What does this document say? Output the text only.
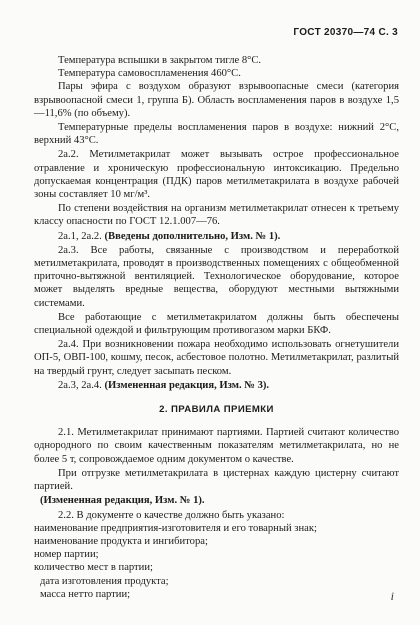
ГОСТ 20370—74 С. 3

Температура вспышки в закрытом тигле 8°С.

Температура самовоспламенения 460°С.

Пары эфира с воздухом образуют взрывоопасные смеси (категория взрывоопасной смеси 1, группа Б). Область воспламенения паров в воздухе 1,5—11,6% (по объему).

Температурные пределы воспламенения паров в воздухе: нижний 2°С, верхний 43°С.

2а.2. Метилметакрилат может вызывать острое профессиональное отравление и хроническую профессиональную интоксикацию. Предельно допускаемая концентрация (ПДК) паров метилметакрилата в воздухе рабочей зоны составляет 10 мг/м³.

По степени воздействия на организм метилметакрилат отнесен к третьему классу опасности по ГОСТ 12.1.007—76.

2а.1, 2а.2. (Введены дополнительно, Изм. № 1).

2а.3. Все работы, связанные с производством и переработкой метилметакрилата, проводят в производственных помещениях с общеобменной приточно-вытяжной вентиляцией. Технологическое оборудование, которое может выделять вредные вещества, оборудуют местными вытяжными системами.

Все работающие с метилметакрилатом должны быть обеспечены специальной одеждой и фильтрующим противогазом марки БКФ.

2а.4. При возникновении пожара необходимо использовать огнетушители ОП-5, ОВП-100, кошму, песок, асбестовое полотно. Метилметакрилат, разлитый на твердый грунт, следует засыпать песком.

2а.3, 2а.4. (Измененная редакция, Изм. № 3).

2. ПРАВИЛА ПРИЕМКИ

2.1. Метилметакрилат принимают партиями. Партией считают количество однородного по своим качественным показателям метилметакрилата, но не более 5 т, сопровождаемое одним документом о качестве.

При отгрузке метилметакрилата в цистернах каждую цистерну считают партией.

(Измененная редакция, Изм. № 1).

2.2. В документе о качестве должно быть указано:

наименование предприятия-изготовителя и его товарный знак;
наименование продукта и ингибитора;
номер партии;
количество мест в партии;
дата изготовления продукта;
масса нетто партии;	i
